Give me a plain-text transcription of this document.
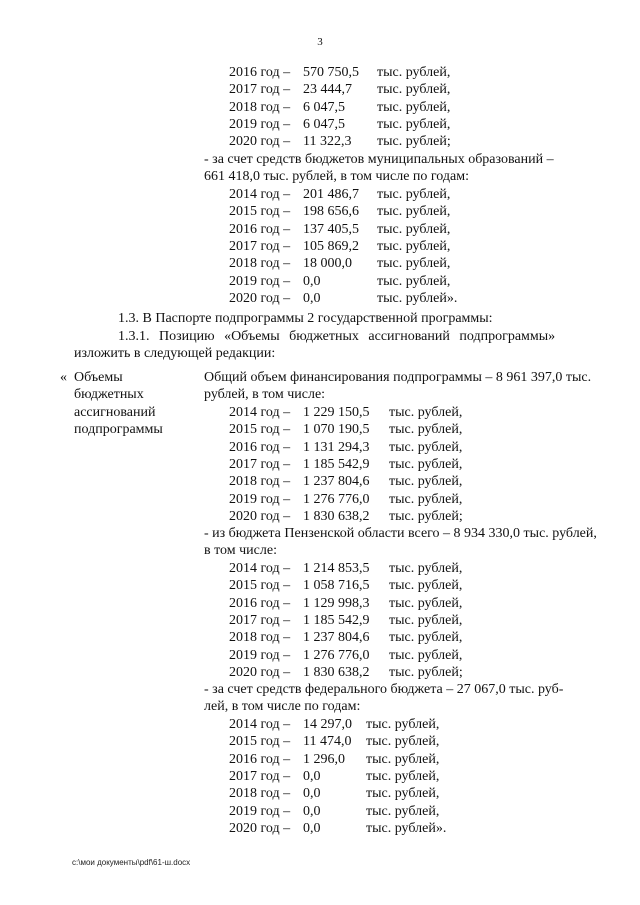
3
2016 год – 570 750,5 тыс. рублей,
2017 год – 23 444,7 тыс. рублей,
2018 год – 6 047,5 тыс. рублей,
2019 год – 6 047,5 тыс. рублей,
2020 год – 11 322,3 тыс. рублей;
- за счет средств бюджетов муниципальных образований –
661 418,0 тыс. рублей, в том числе по годам:
2014 год – 201 486,7 тыс. рублей,
2015 год – 198 656,6 тыс. рублей,
2016 год – 137 405,5 тыс. рублей,
2017 год – 105 869,2 тыс. рублей,
2018 год – 18 000,0 тыс. рублей,
2019 год – 0,0	тыс. рублей,
2020 год – 0,0	тыс. рублей».
1.3. В Паспорте подпрограммы 2 государственной программы:
1.3.1. Позицию «Объемы бюджетных ассигнований подпрограммы»
изложить в следующей редакции:
« Объемы
бюджетных
ассигнований
подпрограммы
Общий объем финансирования подпрограммы – 8 961 397,0 тыс.
рублей, в том числе:
2014 год – 1 229 150,5 тыс. рублей,
2015 год – 1 070 190,5 тыс. рублей,
2016 год – 1 131 294,3 тыс. рублей,
2017 год – 1 185 542,9 тыс. рублей,
2018 год – 1 237 804,6 тыс. рублей,
2019 год – 1 276 776,0 тыс. рублей,
2020 год – 1 830 638,2 тыс. рублей;
- из бюджета Пензенской области всего – 8 934 330,0 тыс. рублей,
в том числе:
2014 год – 1 214 853,5 тыс. рублей,
2015 год – 1 058 716,5 тыс. рублей,
2016 год – 1 129 998,3 тыс. рублей,
2017 год – 1 185 542,9 тыс. рублей,
2018 год – 1 237 804,6 тыс. рублей,
2019 год – 1 276 776,0 тыс. рублей,
2020 год – 1 830 638,2 тыс. рублей;
- за счет средств федерального бюджета – 27 067,0 тыс. руб-
лей, в том числе по годам:
2014 год – 14 297,0 тыс. рублей,
2015 год – 11 474,0 тыс. рублей,
2016 год – 1 296,0 тыс. рублей,
2017 год – 0,0	тыс. рублей,
2018 год – 0,0	тыс. рублей,
2019 год – 0,0	тыс. рублей,
2020 год – 0,0	тыс. рублей».
c:\мои документы\pdf\61-ш.docx
